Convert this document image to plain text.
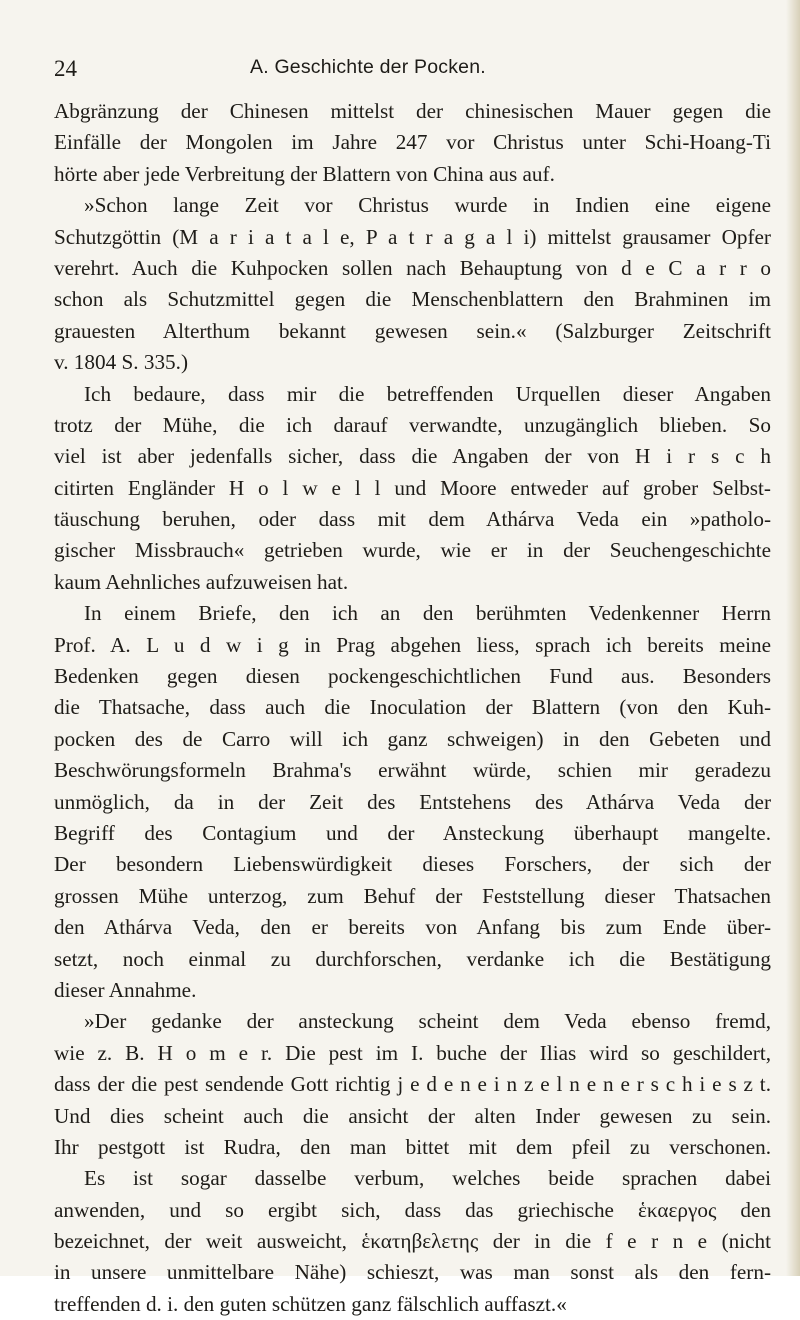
24	A. Geschichte der Pocken.
Abgränzung der Chinesen mittelst der chinesischen Mauer gegen die
Einfälle der Mongolen im Jahre 247 vor Christus unter Schi-Hoang-Ti
hörte aber jede Verbreitung der Blattern von China aus auf.
»Schon lange Zeit vor Christus wurde in Indien eine eigene
Schutzgöttin (M a r i a t a l e, P a t r a g a l i) mittelst grausamer Opfer
verehrt. Auch die Kuhpocken sollen nach Behauptung von d e C a r r o
schon als Schutzmittel gegen die Menschenblattern den Brahminen im
grauesten Alterthum bekannt gewesen sein.« (Salzburger Zeitschrift
v. 1804 S. 335.)
Ich bedaure, dass mir die betreffenden Urquellen dieser Angaben
trotz der Mühe, die ich darauf verwandte, unzugänglich blieben. So
viel ist aber jedenfalls sicher, dass die Angaben der von H i r s c h
citirten Engländer H o l w e l l und Moore entweder auf grober Selbst-
täuschung beruhen, oder dass mit dem Athárva Veda ein »patholo-
gischer Missbrauch« getrieben wurde, wie er in der Seuchengeschichte
kaum Aehnliches aufzuweisen hat.
In einem Briefe, den ich an den berühmten Vedenkenner Herrn
Prof. A. L u d w i g in Prag abgehen liess, sprach ich bereits meine
Bedenken gegen diesen pockengeschichtlichen Fund aus. Besonders
die Thatsache, dass auch die Inoculation der Blattern (von den Kuh-
pocken des de Carro will ich ganz schweigen) in den Gebeten und
Beschwörungsformeln Brahma's erwähnt würde, schien mir geradezu
unmöglich, da in der Zeit des Entstehens des Athárva Veda der
Begriff des Contagium und der Ansteckung überhaupt mangelte.
Der besondern Liebenswürdigkeit dieses Forschers, der sich der
grossen Mühe unterzog, zum Behuf der Feststellung dieser Thatsachen
den Athárva Veda, den er bereits von Anfang bis zum Ende über-
setzt, noch einmal zu durchforschen, verdanke ich die Bestätigung
dieser Annahme.
»Der gedanke der ansteckung scheint dem Veda ebenso fremd,
wie z. B. H o m e r. Die pest im I. buche der Ilias wird so geschildert,
dass der die pest sendende Gott richtig j e d e n e i n z e l n e n e r s c h i e s z t.
Und dies scheint auch die ansicht der alten Inder gewesen zu sein.
Ihr pestgott ist Rudra, den man bittet mit dem pfeil zu verschonen.
Es ist sogar dasselbe verbum, welches beide sprachen dabei
anwenden, und so ergibt sich, dass das griechische ἑκαεργος den
bezeichnet, der weit ausweicht, ἑκατηβελετης der in die f e r n e (nicht
in unsere unmittelbare Nähe) schieszt, was man sonst als den fern-
treffenden d. i. den guten schützen ganz fälschlich auffaszt.«
